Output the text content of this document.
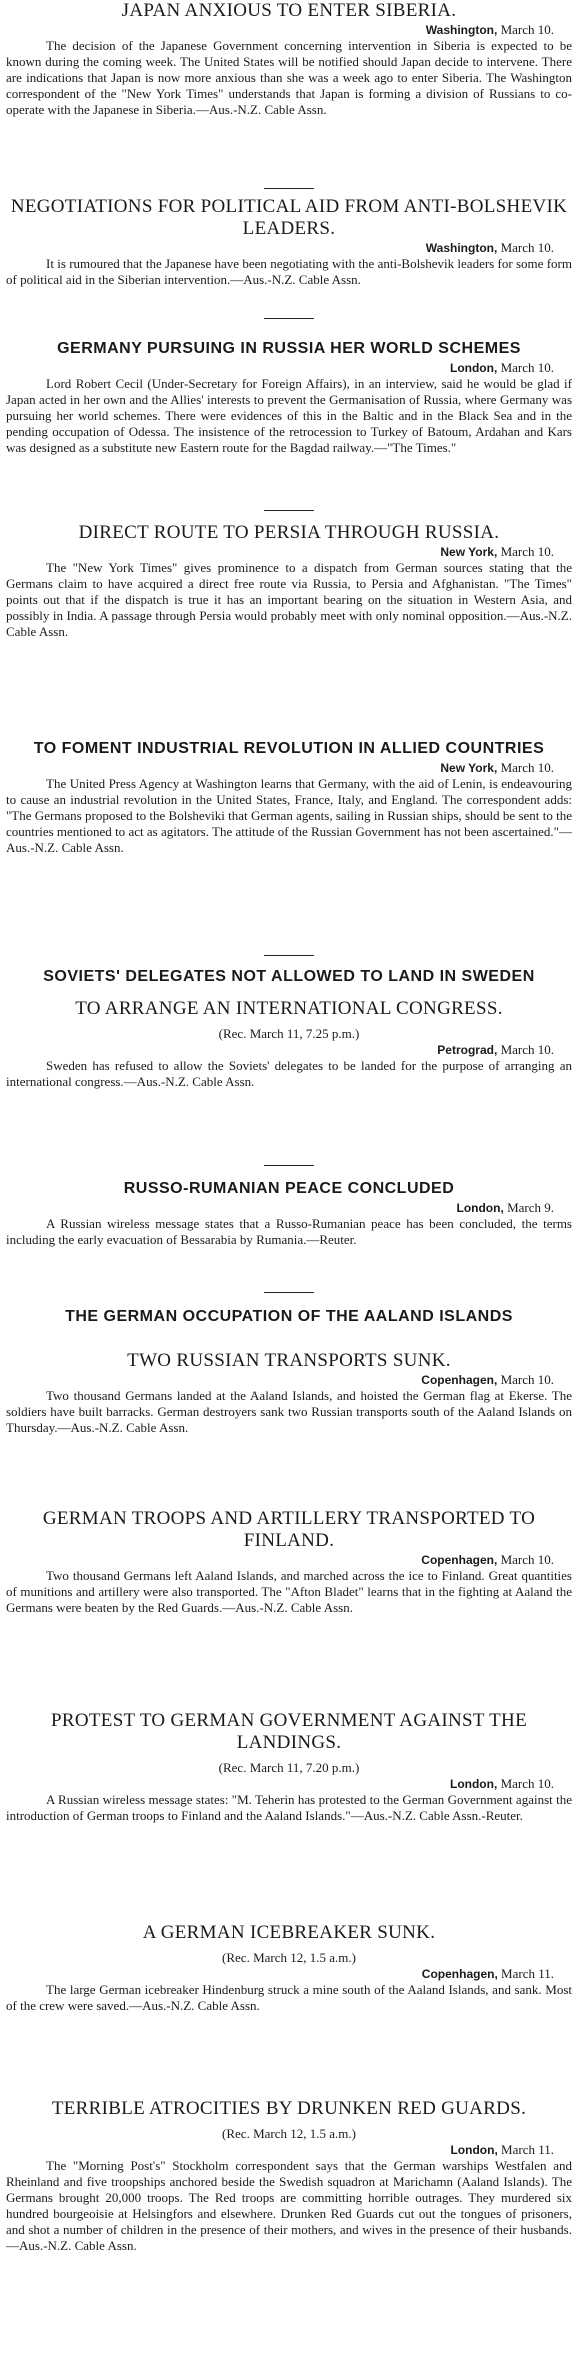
JAPAN ANXIOUS TO ENTER SIBERIA.
Washington, March 10.

The decision of the Japanese Government concerning intervention in Siberia is expected to be known during the coming week. The United States will be notified should Japan decide to intervene. There are indications that Japan is now more anxious than she was a week ago to enter Siberia. The Washington correspondent of the "New York Times" understands that Japan is forming a division of Russians to co-operate with the Japanese in Siberia.—Aus.-N.Z. Cable Assn.

NEGOTIATIONS FOR POLITICAL AID FROM ANTI-BOLSHEVIK LEADERS.
Washington, March 10.

It is rumoured that the Japanese have been negotiating with the anti-Bolshevik leaders for some form of political aid in the Siberian intervention.—Aus.-N.Z. Cable Assn.

GERMANY PURSUING IN RUSSIA HER WORLD SCHEMES
London, March 10.

Lord Robert Cecil (Under-Secretary for Foreign Affairs), in an interview, said he would be glad if Japan acted in her own and the Allies' interests to prevent the Germanisation of Russia, where Germany was pursuing her world schemes. There were evidences of this in the Baltic and in the Black Sea and in the pending occupation of Odessa. The insistence of the retrocession to Turkey of Batoum, Ardahan and Kars was designed as a substitute new Eastern route for the Bagdad railway.—"The Times."

DIRECT ROUTE TO PERSIA THROUGH RUSSIA.
New York, March 10.

The "New York Times" gives prominence to a dispatch from German sources stating that the Germans claim to have acquired a direct free route via Russia, to Persia and Afghanistan. "The Times" points out that if the dispatch is true it has an important bearing on the situation in Western Asia, and possibly in India. A passage through Persia would probably meet with only nominal opposition.—Aus.-N.Z. Cable Assn.

TO FOMENT INDUSTRIAL REVOLUTION IN ALLIED COUNTRIES
New York, March 10.

The United Press Agency at Washington learns that Germany, with the aid of Lenin, is endeavouring to cause an industrial revolution in the United States, France, Italy, and England. The correspondent adds: "The Germans proposed to the Bolsheviki that German agents, sailing in Russian ships, should be sent to the countries mentioned to act as agitators. The attitude of the Russian Government has not been ascertained."—Aus.-N.Z. Cable Assn.

SOVIETS' DELEGATES NOT ALLOWED TO LAND IN SWEDEN
TO ARRANGE AN INTERNATIONAL CONGRESS.
(Rec. March 11, 7.25 p.m.)
Petrograd, March 10.

Sweden has refused to allow the Soviets' delegates to be landed for the purpose of arranging an international congress.—Aus.-N.Z. Cable Assn.

RUSSO-RUMANIAN PEACE CONCLUDED
London, March 9.

A Russian wireless message states that a Russo-Rumanian peace has been concluded, the terms including the early evacuation of Bessarabia by Rumania.—Reuter.

THE GERMAN OCCUPATION OF THE AALAND ISLANDS
TWO RUSSIAN TRANSPORTS SUNK.
Copenhagen, March 10.

Two thousand Germans landed at the Aaland Islands, and hoisted the German flag at Ekerse. The soldiers have built barracks. German destroyers sank two Russian transports south of the Aaland Islands on Thursday.—Aus.-N.Z. Cable Assn.

GERMAN TROOPS AND ARTILLERY TRANSPORTED TO FINLAND.
Copenhagen, March 10.

Two thousand Germans left Aaland Islands, and marched across the ice to Finland. Great quantities of munitions and artillery were also transported. The "Afton Bladet" learns that in the fighting at Aaland the Germans were beaten by the Red Guards.—Aus.-N.Z. Cable Assn.

PROTEST TO GERMAN GOVERNMENT AGAINST THE LANDINGS.
(Rec. March 11, 7.20 p.m.)
London, March 10.

A Russian wireless message states: "M. Teherin has protested to the German Government against the introduction of German troops to Finland and the Aaland Islands."—Aus.-N.Z. Cable Assn.-Reuter.

A GERMAN ICEBREAKER SUNK.
(Rec. March 12, 1.5 a.m.)
Copenhagen, March 11.

The large German icebreaker Hindenburg struck a mine south of the Aaland Islands, and sank. Most of the crew were saved.—Aus.-N.Z. Cable Assn.

TERRIBLE ATROCITIES BY DRUNKEN RED GUARDS.
(Rec. March 12, 1.5 a.m.)
London, March 11.

The "Morning Post's" Stockholm correspondent says that the German warships Westfalen and Rheinland and five troopships anchored beside the Swedish squadron at Marichamn (Aaland Islands). The Germans brought 20,000 troops. The Red troops are committing horrible outrages. They murdered six hundred bourgeoisie at Helsingfors and elsewhere. Drunken Red Guards cut out the tongues of prisoners, and shot a number of children in the presence of their mothers, and wives in the presence of their husbands.—Aus.-N.Z. Cable Assn.
